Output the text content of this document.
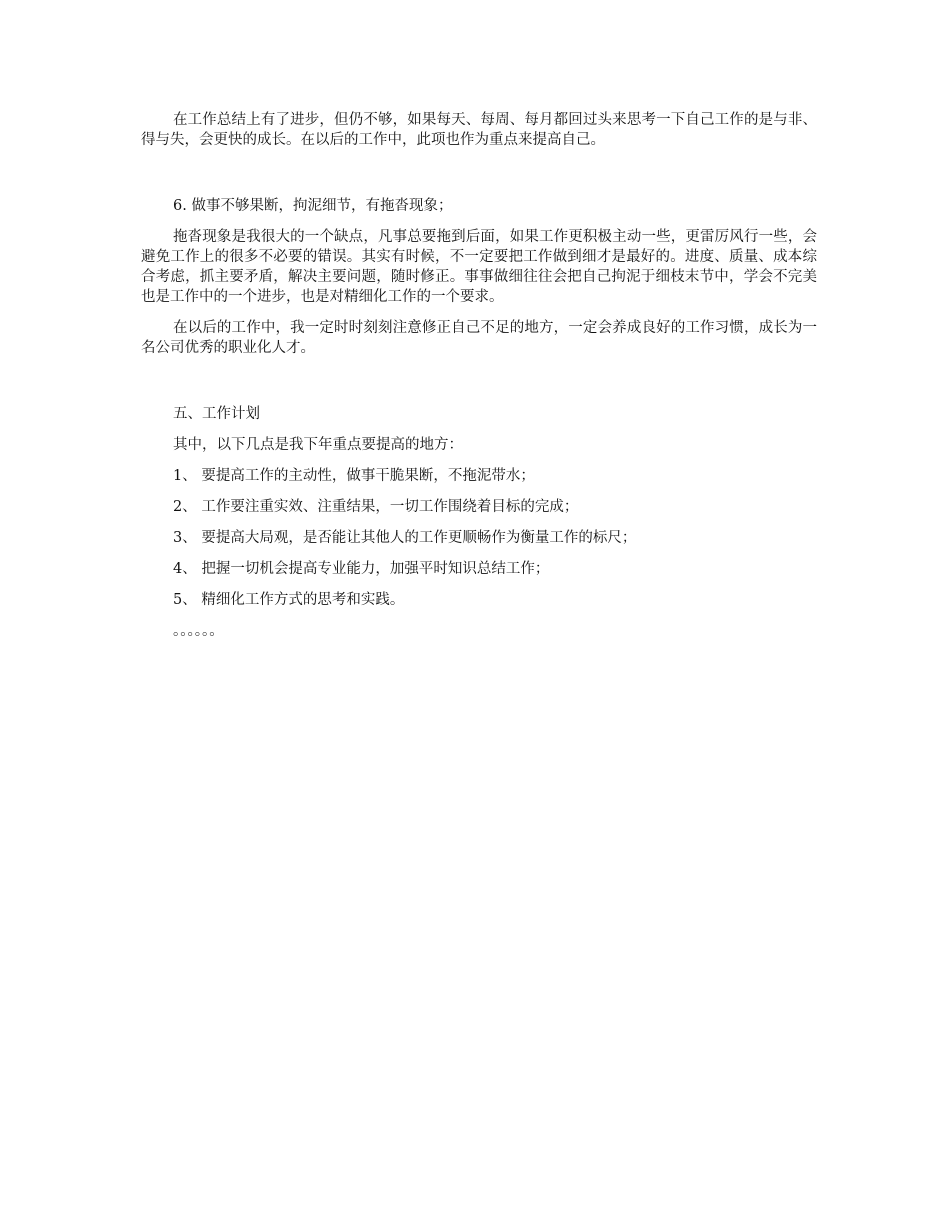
在工作总结上有了进步，但仍不够，如果每天、每周、每月都回过头来思考一下自己工作的是与非、得与失，会更快的成长。在以后的工作中，此项也作为重点来提高自己。

6. 做事不够果断，拘泥细节，有拖沓现象；

拖沓现象是我很大的一个缺点，凡事总要拖到后面，如果工作更积极主动一些，更雷厉风行一些，会避免工作上的很多不必要的错误。其实有时候，不一定要把工作做到细才是最好的。进度、质量、成本综合考虑，抓主要矛盾，解决主要问题，随时修正。事事做细往往会把自己拘泥于细枝末节中，学会不完美也是工作中的一个进步，也是对精细化工作的一个要求。

在以后的工作中，我一定时时刻刻注意修正自己不足的地方，一定会养成良好的工作习惯，成长为一名公司优秀的职业化人才。

五、工作计划

其中，以下几点是我下年重点要提高的地方：

1、 要提高工作的主动性，做事干脆果断，不拖泥带水；

2、 工作要注重实效、注重结果，一切工作围绕着目标的完成；

3、 要提高大局观，是否能让其他人的工作更顺畅作为衡量工作的标尺；

4、 把握一切机会提高专业能力，加强平时知识总结工作；

5、 精细化工作方式的思考和实践。

。。。。。。
